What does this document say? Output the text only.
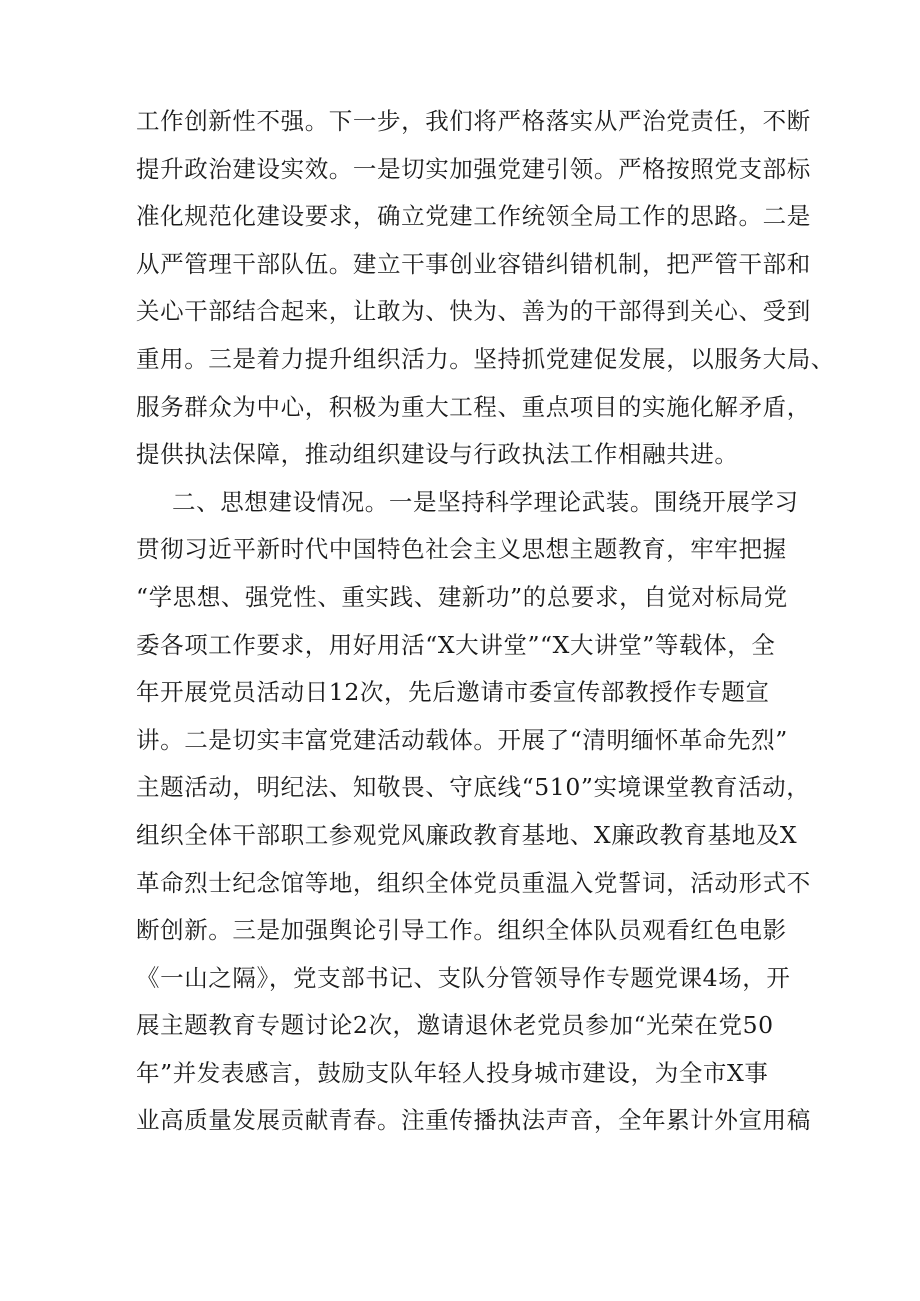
工作创新性不强。下一步，我们将严格落实从严治党责任，不断
提升政治建设实效。一是切实加强党建引领。严格按照党支部标
准化规范化建设要求，确立党建工作统领全局工作的思路。二是
从严管理干部队伍。建立干事创业容错纠错机制，把严管干部和
关心干部结合起来，让敢为、快为、善为的干部得到关心、受到
重用。三是着力提升组织活力。坚持抓党建促发展，以服务大局、
服务群众为中心，积极为重大工程、重点项目的实施化解矛盾，
提供执法保障，推动组织建设与行政执法工作相融共进。
二、思想建设情况。一是坚持科学理论武装。围绕开展学习
贯彻习近平新时代中国特色社会主义思想主题教育，牢牢把握
“学思想、强党性、重实践、建新功”的总要求，自觉对标局党
委各项工作要求，用好用活“X大讲堂”“X大讲堂”等载体，全
年开展党员活动日12次，先后邀请市委宣传部教授作专题宣
讲。二是切实丰富党建活动载体。开展了“清明缅怀革命先烈”
主题活动，明纪法、知敬畏、守底线“510”实境课堂教育活动，
组织全体干部职工参观党风廉政教育基地、X廉政教育基地及X
革命烈士纪念馆等地，组织全体党员重温入党誓词，活动形式不
断创新。三是加强舆论引导工作。组织全体队员观看红色电影
《一山之隔》，党支部书记、支队分管领导作专题党课4场，开
展主题教育专题讨论2次，邀请退休老党员参加“光荣在党50
年”并发表感言，鼓励支队年轻人投身城市建设，为全市X事
业高质量发展贡献青春。注重传播执法声音，全年累计外宣用稿
